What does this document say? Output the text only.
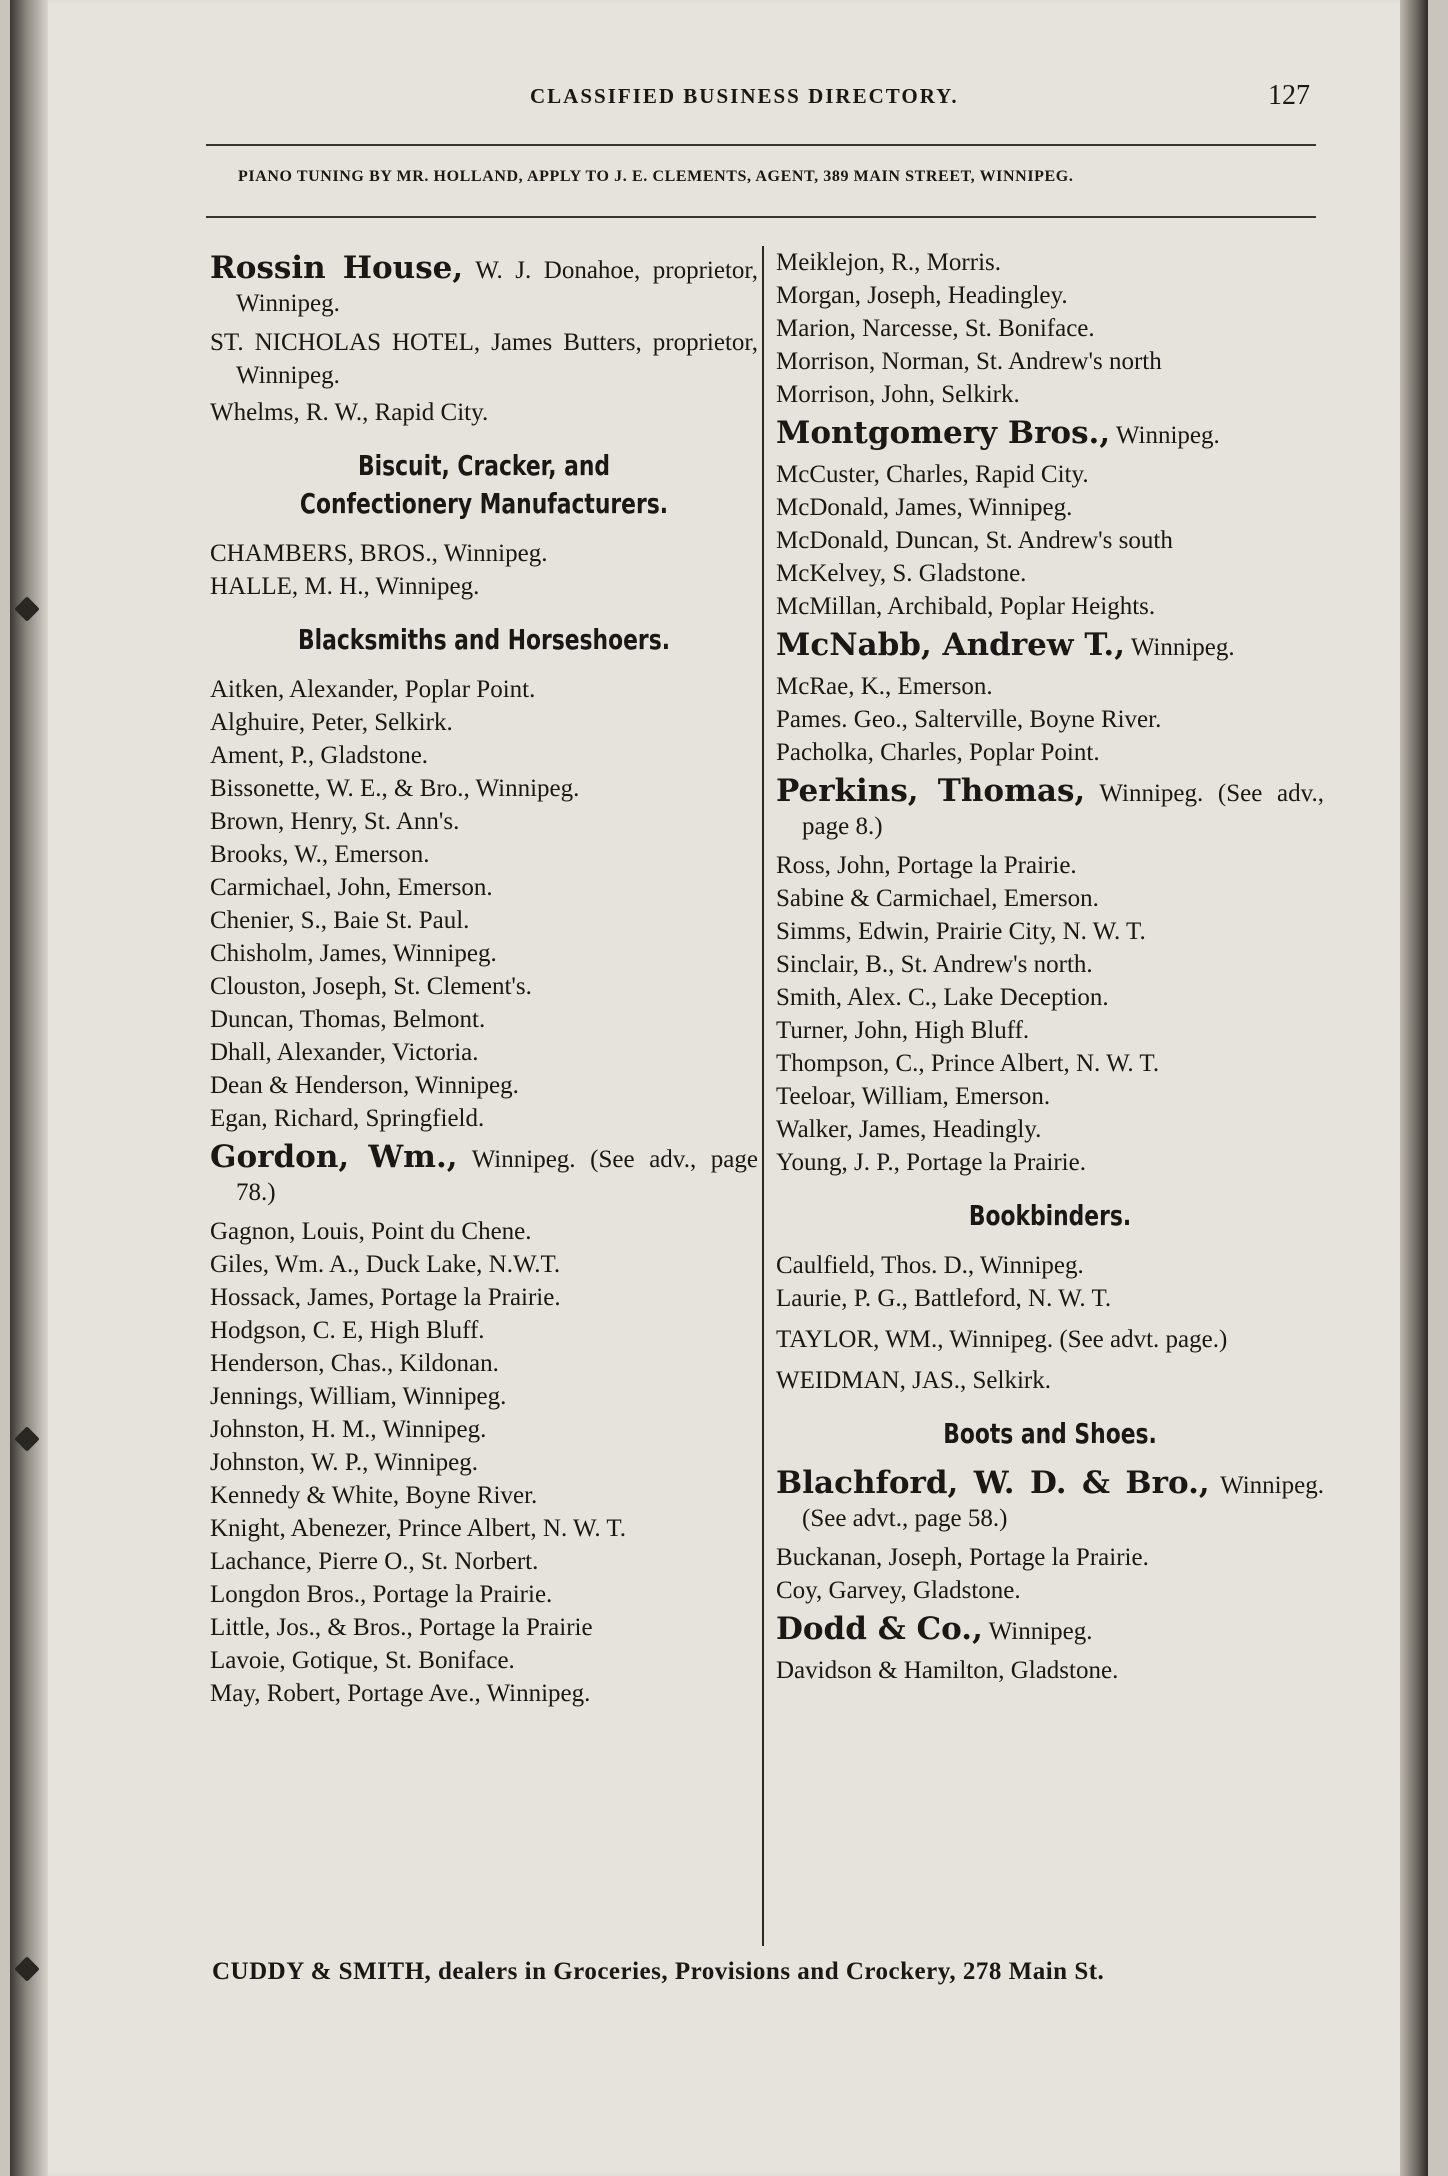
CLASSIFIED BUSINESS DIRECTORY.	127
PIANO TUNING BY MR. HOLLAND, APPLY TO J. E. CLEMENTS, AGENT, 389 MAIN STREET, WINNIPEG.
Rossin House, W. J. Donahoe, proprietor, Winnipeg.
ST. NICHOLAS HOTEL, James Butters, proprietor, Winnipeg.
Whelms, R. W., Rapid City.
Biscuit, Cracker, and Confectionery Manufacturers.
CHAMBERS, BROS., Winnipeg.
HALLE, M. H., Winnipeg.
Blacksmiths and Horseshoers.
Aitken, Alexander, Poplar Point.
Alghuire, Peter, Selkirk.
Ament, P., Gladstone.
Bissonette, W. E., & Bro., Winnipeg.
Brown, Henry, St. Ann's.
Brooks, W., Emerson.
Carmichael, John, Emerson.
Chenier, S., Baie St. Paul.
Chisholm, James, Winnipeg.
Clouston, Joseph, St. Clement's.
Duncan, Thomas, Belmont.
Dhall, Alexander, Victoria.
Dean & Henderson, Winnipeg.
Egan, Richard, Springfield.
Gordon, Wm., Winnipeg. (See adv., page 78.)
Gagnon, Louis, Point du Chene.
Giles, Wm. A., Duck Lake, N.W.T.
Hossack, James, Portage la Prairie.
Hodgson, C. E, High Bluff.
Henderson, Chas., Kildonan.
Jennings, William, Winnipeg.
Johnston, H. M., Winnipeg.
Johnston, W. P., Winnipeg.
Kennedy & White, Boyne River.
Knight, Abenezer, Prince Albert, N. W. T.
Lachance, Pierre O., St. Norbert.
Longdon Bros., Portage la Prairie.
Little, Jos., & Bros., Portage la Prairie
Lavoie, Gotique, St. Boniface.
May, Robert, Portage Ave., Winnipeg.
Meiklejon, R., Morris.
Morgan, Joseph, Headingley.
Marion, Narcesse, St. Boniface.
Morrison, Norman, St. Andrew's north
Morrison, John, Selkirk.
Montgomery Bros., Winnipeg.
McCuster, Charles, Rapid City.
McDonald, James, Winnipeg.
McDonald, Duncan, St. Andrew's south
McKelvey, S. Gladstone.
McMillan, Archibald, Poplar Heights.
McNabb, Andrew T., Winnipeg.
McRae, K., Emerson.
Pames. Geo., Salterville, Boyne River.
Pacholka, Charles, Poplar Point.
Perkins, Thomas, Winnipeg. (See adv., page 8.)
Ross, John, Portage la Prairie.
Sabine & Carmichael, Emerson.
Simms, Edwin, Prairie City, N. W. T.
Sinclair, B., St. Andrew's north.
Smith, Alex. C., Lake Deception.
Turner, John, High Bluff.
Thompson, C., Prince Albert, N. W. T.
Teeloar, William, Emerson.
Walker, James, Headingly.
Young, J. P., Portage la Prairie.
Bookbinders.
Caulfield, Thos. D., Winnipeg.
Laurie, P. G., Battleford, N. W. T.
TAYLOR, WM., Winnipeg. (See advt. page.)
WEIDMAN, JAS., Selkirk.
Boots and Shoes.
Blachford, W. D. & Bro., Winnipeg. (See advt., page 58.)
Buckanan, Joseph, Portage la Prairie.
Coy, Garvey, Gladstone.
Dodd & Co., Winnipeg.
Davidson & Hamilton, Gladstone.
CUDDY & SMITH, dealers in Groceries, Provisions and Crockery, 278 Main St.
